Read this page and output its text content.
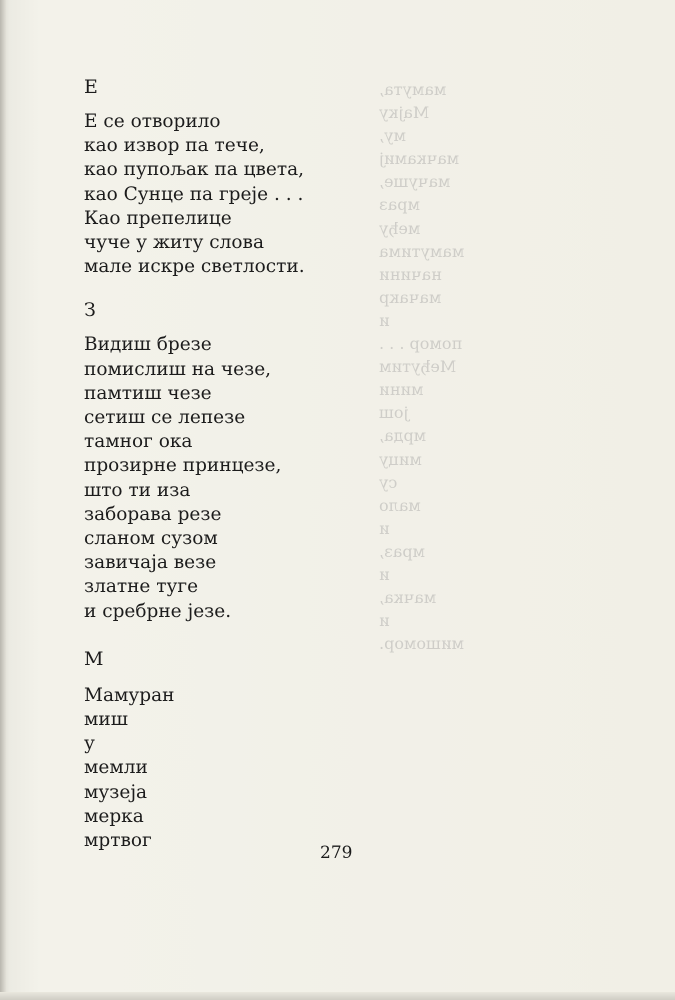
мамута,
Мајку
му,
мачкамиј
мачуше,
мраз
међу
мамутима
начини
мачакр
и
помор . . .
Међутим
мини
још
мрда,
мицу
су
мало
и
мраз,
и
мачка,
и
мишомор.
Е
Е се отворило
као извор па тече,
као пупољак па цвета,
као Сунце па греје . . .
Као препелице
чуче у житу слова
мале искре светлости.
З
Видиш брезе
помислиш на чезе,
памтиш чезе
сетиш се лепезе
тамног ока
прозирне принцезе,
што ти иза
заборава резе
сланом сузом
завичаја везе
златне туге
и сребрне језе.
М
Мамуран
миш
у
мемли
музеја
мерка
мртвог
279
